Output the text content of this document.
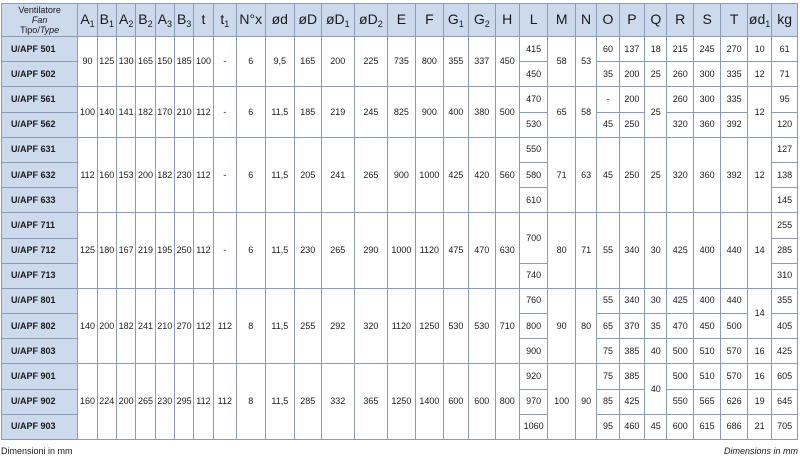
Ventilatore
Fan
Tipo/Type	$A_1$	$B_1$	$A_2$	$B_2$	$A_3$	$B_3$	t	$t_1$	N°x	ød	øD	$øD_1$	$øD_2$	E	F	$G_1$	$G_2$	H	L	M	N	O	P	Q	R	S	T	$ød_1$	kg
U/APF 501	90	125	130	165	150	185	100	-	6	9,5	165	200	225	735	800	355	337	450	415	58	53	60	137	18	215	245	270	10	61
U/APF 502																			450			35	200	25	260	300	335	12	71
U/APF 561	100	140	141	182	170	210	112	-	6	11,5	185	219	245	825	900	400	380	500	470	65	58	-	200	25	260	300	335	12	95
U/APF 562																			530			45	250		320	360	392		120
U/APF 631	112	160	153	200	182	230	112	-	6	11,5	205	241	265	900	1000	425	420	560	550	71	63	45	250	25	320	360	392	12	127
U/APF 632																			580										138
U/APF 633																			610										145
U/APF 711	125	180	167	219	195	250	112	-	6	11,5	230	265	290	1000	1120	475	470	630	700	80	71	55	340	30	425	400	440	14	255
U/APF 712																													285
U/APF 713																			740										310
U/APF 801	140	200	182	241	210	270	112	112	8	11,5	255	292	320	1120	1250	530	530	710	760	90	80	55	340	30	425	400	440	14	355
U/APF 802																			800			65	370	35	470	450	500		405
U/APF 803																			900			75	385	40	500	510	570	16	425
U/APF 901	160	224	200	265	230	295	112	112	8	11,5	285	332	365	1250	1400	600	600	800	920	100	90	75	385	40	500	510	570	16	605
U/APF 902																			970			85	425		550	565	626	19	645
U/APF 903																			1060			95	460	45	600	615	686	21	705
Dimensioni in mm	Dimensions in mm
